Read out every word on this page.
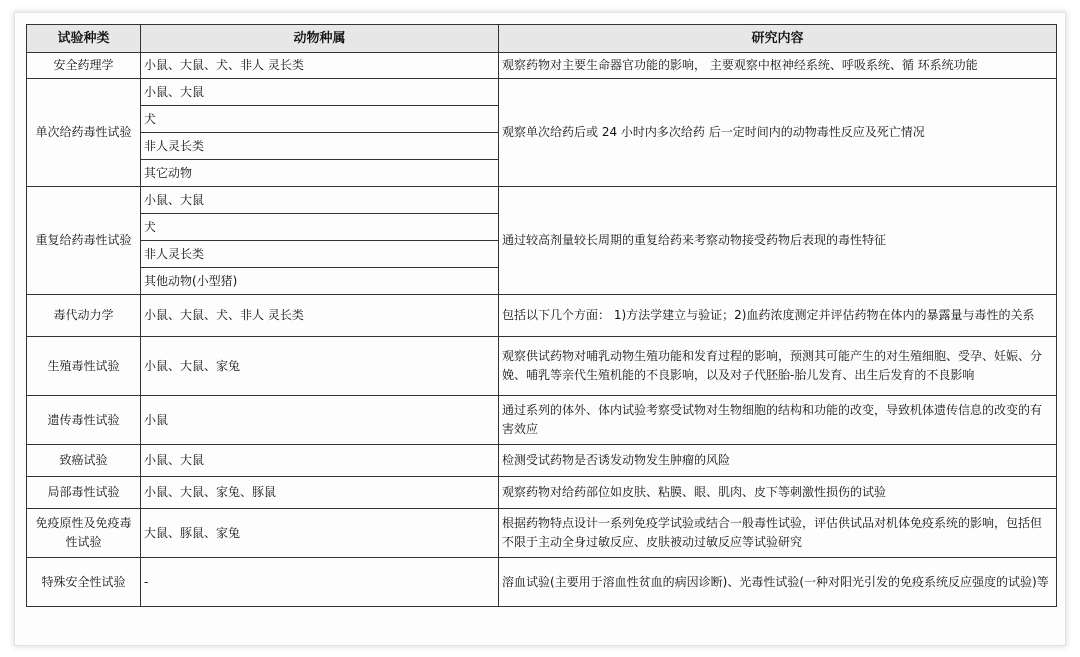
试验种类	动物种属	研究内容
安全药理学	小鼠、大鼠、犬、非人 灵长类	观察药物对主要生命器官功能的影响， 主要观察中枢神经系统、呼吸系统、循 环系统功能
单次给药毒性试验	小鼠、大鼠	观察单次给药后或 24 小时内多次给药 后一定时间内的动物毒性反应及死亡情况
	犬	
	非人灵长类	
	其它动物	
重复给药毒性试验	小鼠、大鼠	通过较高剂量较长周期的重复给药来考察动物接受药物后表现的毒性特征
	犬	
	非人灵长类	
	其他动物(小型猪)	
毒代动力学	小鼠、大鼠、犬、非人 灵长类	包括以下几个方面： 1)方法学建立与验证；2)血药浓度测定并评估药物在体内的暴露量与毒性的关系
生殖毒性试验	小鼠、大鼠、家兔	观察供试药物对哺乳动物生殖功能和发育过程的影响，预测其可能产生的对生殖细胞、受孕、妊娠、分娩、哺乳等亲代生殖机能的不良影响，以及对子代胚胎-胎儿发育、出生后发育的不良影响
遗传毒性试验	小鼠	通过系列的体外、体内试验考察受试物对生物细胞的结构和功能的改变，导致机体遗传信息的改变的有害效应
致癌试验	小鼠、大鼠	检测受试药物是否诱发动物发生肿瘤的风险
局部毒性试验	小鼠、大鼠、家兔、豚鼠	观察药物对给药部位如皮肤、粘膜、眼、肌肉、皮下等刺激性损伤的试验
免疫原性及免疫毒性试验	大鼠、豚鼠、家兔	根据药物特点设计一系列免疫学试验或结合一般毒性试验，评估供试品对机体免疫系统的影响，包括但不限于主动全身过敏反应、皮肤被动过敏反应等试验研究
特殊安全性试验	-	溶血试验(主要用于溶血性贫血的病因诊断)、光毒性试验(一种对阳光引发的免疫系统反应强度的试验)等
